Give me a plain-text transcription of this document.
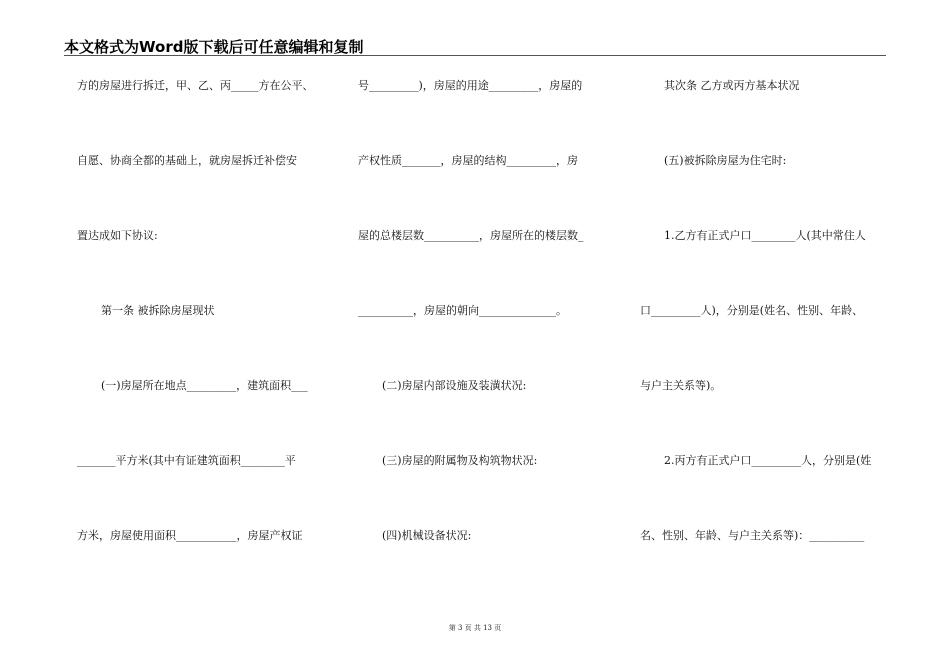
本文格式为Word版下载后可任意编辑和复制
方的房屋进行拆迁，甲、乙、丙_____方在公平、
自愿、协商全都的基础上，就房屋拆迁补偿安
置达成如下协议:
第一条 被拆除房屋现状
(一)房屋所在地点_________，建筑面积___
_______平方米(其中有证建筑面积________平
方米，房屋使用面积___________，房屋产权证
号_________)，房屋的用途_________，房屋的
产权性质_______，房屋的结构_________，房
屋的总楼层数__________，房屋所在的楼层数_
__________，房屋的朝向______________。
(二)房屋内部设施及装潢状况:
(三)房屋的附属物及构筑物状况:
(四)机械设备状况:
其次条 乙方或丙方基本状况
(五)被拆除房屋为住宅时:
1.乙方有正式户口________人(其中常住人
口_________人)，分别是(姓名、性别、年龄、
与户主关系等)。
2.丙方有正式户口_________人，分别是(姓
名、性别、年龄、与户主关系等)：__________
第 3 页 共 13 页
